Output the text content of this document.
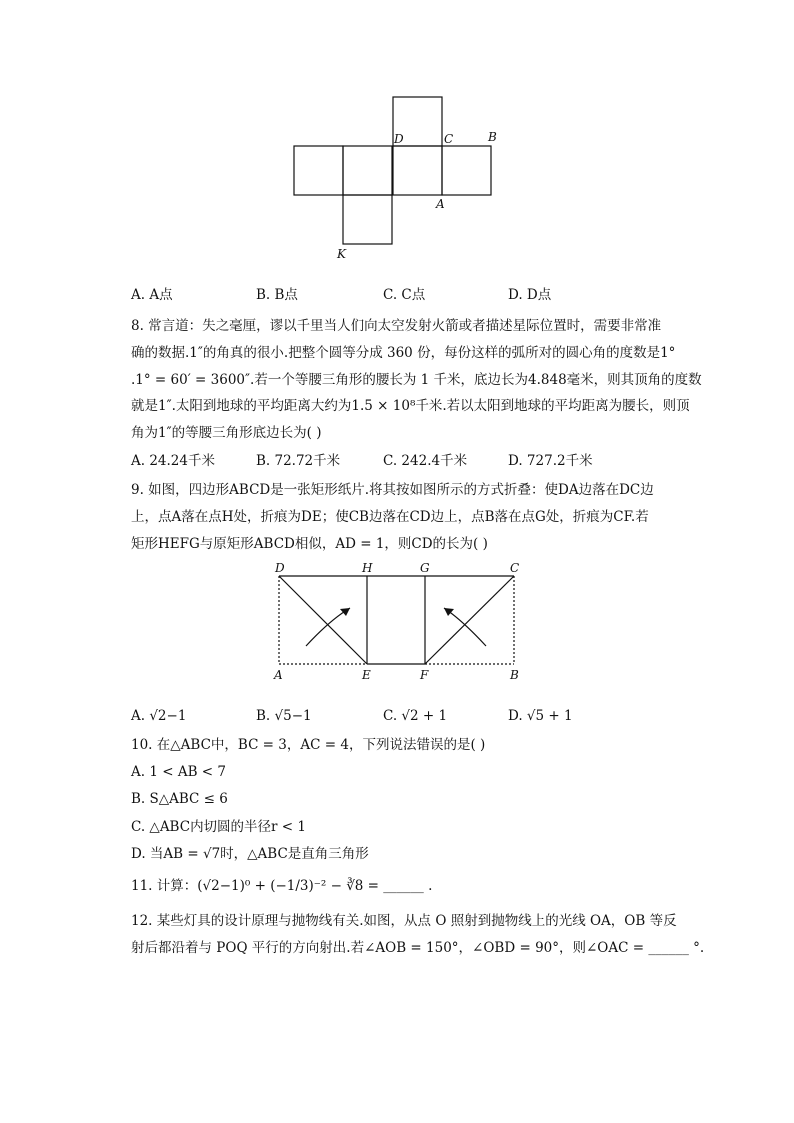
D	C	B
A
K
A. A点	B. B点	C. C点	D. D点
8. 常言道：失之毫厘，谬以千里当人们向太空发射火箭或者描述星际位置时，需要非常准
确的数据.1″的角真的很小.把整个圆等分成 360 份，每份这样的弧所对的圆心角的度数是1°
.1° = 60′ = 3600″.若一个等腰三角形的腰长为 1 千米，底边长为4.848毫米，则其顶角的度数
就是1″.太阳到地球的平均距离大约为1.5 × 10⁸千米.若以太阳到地球的平均距离为腰长，则顶
角为1″的等腰三角形底边长为( )
A. 24.24千米	B. 72.72千米	C. 242.4千米	D. 727.2千米
9. 如图，四边形ABCD是一张矩形纸片.将其按如图所示的方式折叠：使DA边落在DC边
上，点A落在点H处，折痕为DE；使CB边落在CD边上，点B落在点G处，折痕为CF.若
矩形HEFG与原矩形ABCD相似，AD = 1，则CD的长为( )
D	H	G	C
A	E	F	B
A. √2−1	B. √5−1	C. √2 + 1	D. √5 + 1
10. 在△ABC中，BC = 3，AC = 4，下列说法错误的是( )
A. 1 < AB < 7
B. S△ABC ≤ 6
C. △ABC内切圆的半径r < 1
D. 当AB = √7时，△ABC是直角三角形
11. 计算：(√2−1)⁰ + (−1/3)⁻² − ∛8 = ______ .
12. 某些灯具的设计原理与抛物线有关.如图，从点 O 照射到抛物线上的光线 OA，OB 等反
射后都沿着与 POQ 平行的方向射出.若∠AOB = 150°，∠OBD = 90°，则∠OAC = ______ °.
